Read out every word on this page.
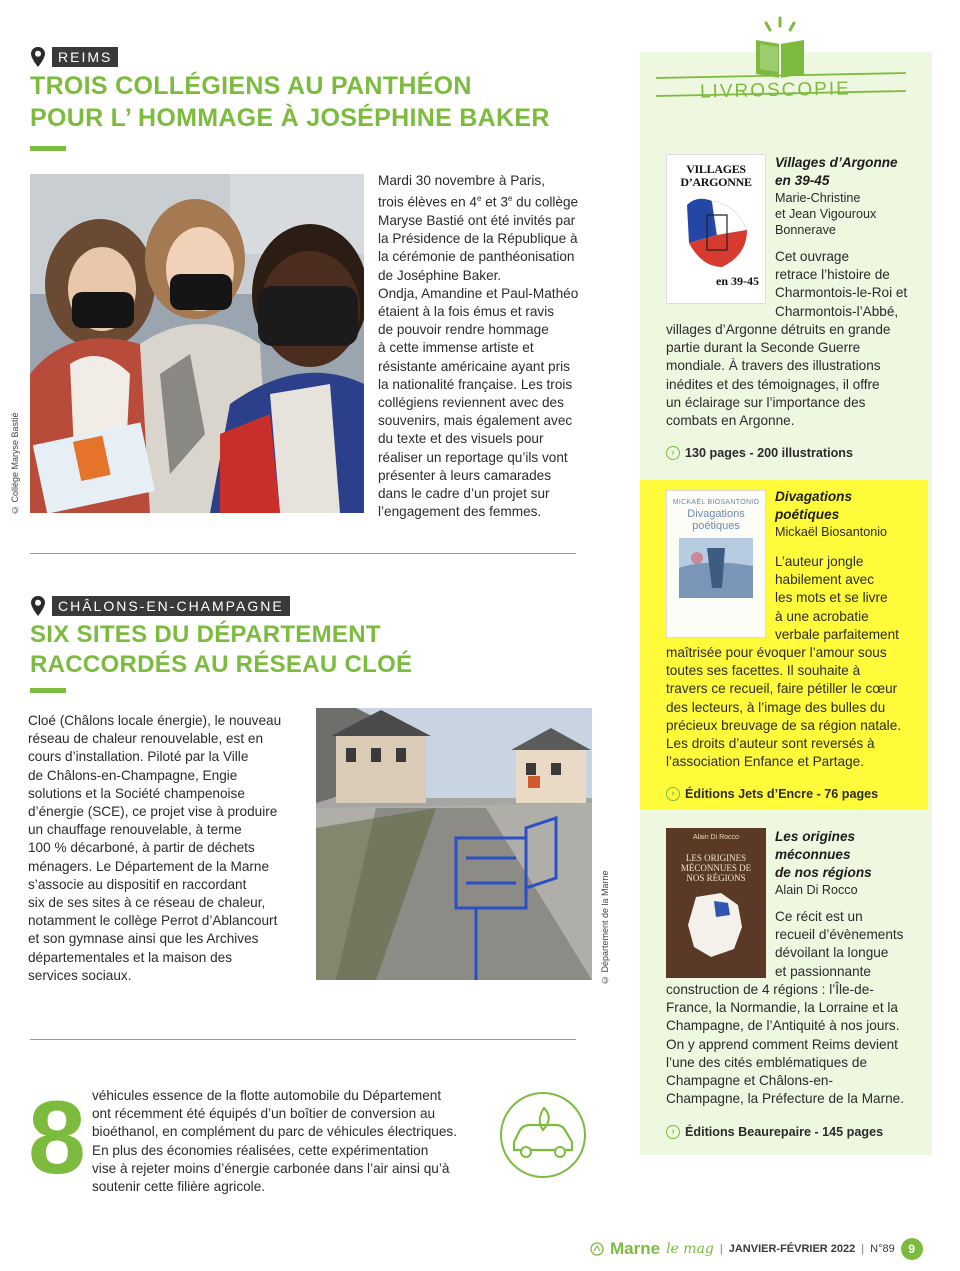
REIMS
TROIS COLLÉGIENS AU PANTHÉON
POUR L’ HOMMAGE À JOSÉPHINE BAKER
© Collège Maryse Bastié

Mardi 30 novembre à Paris,

trois élèves en 4e et 3e du collège

Maryse Bastié ont été invités par

la Présidence de la République à

la cérémonie de panthéonisation

de Joséphine Baker.

Ondja, Amandine et Paul-Mathéo

étaient à la fois émus et ravis

de pouvoir rendre hommage

à cette immense artiste et

résistante américaine ayant pris

la nationalité française. Les trois

collégiens reviennent avec des

souvenirs, mais également avec

du texte et des visuels pour

réaliser un reportage qu’ils vont

présenter à leurs camarades

dans le cadre d’un projet sur

l’engagement des femmes.

CHÂLONS-EN-CHAMPAGNE
SIX SITES DU DÉPARTEMENT
RACCORDÉS AU RÉSEAU CLOÉ

Cloé (Châlons locale énergie), le nouveau

réseau de chaleur renouvelable, est en

cours d’installation. Piloté par la Ville

de Châlons-en-Champagne, Engie

solutions et la Société champenoise

d’énergie (SCE), ce projet vise à produire

un chauffage renouvelable, à terme

100 % décarboné, à partir de déchets

ménagers. Le Département de la Marne

s’associe au dispositif en raccordant

six de ses sites à ce réseau de chaleur,

notamment le collège Perrot d’Ablancourt

et son gymnase ainsi que les Archives

départementales et la maison des

services sociaux.	© Département de la Marne
8 véhicules essence de la flotte automobile du Département

ont récemment été équipés d’un boîtier de conversion au

bioéthanol, en complément du parc de véhicules électriques.

En plus des économies réalisées, cette expérimentation

vise à rejeter moins d’énergie carbonée dans l’air ainsi qu’à

soutenir cette filière agricole.

LIVROSCOPIE
VILLAGES D’ARGONNE
en 39-45
Villages d’Argonne
en 39-45
Marie-Christine
et Jean Vigouroux
Bonnerave

Cet ouvrage

retrace l’histoire de

Charmontois-le-Roi et

Charmontois-l’Abbé,

villages d’Argonne détruits en grande

partie durant la Seconde Guerre

mondiale. À travers des illustrations

inédites et des témoignages, il offre

un éclairage sur l’importance des

combats en Argonne.

› 130 pages - 200 illustrations
MICKAËL BIOSANTONIO
Divagations poétiques
Divagations
poétiques
Mickaël Biosantonio

L’auteur jongle

habilement avec

les mots et se livre

à une acrobatie

verbale parfaitement

maîtrisée pour évoquer l’amour sous

toutes ses facettes. Il souhaite à

travers ce recueil, faire pétiller le cœur

des lecteurs, à l’image des bulles du

précieux breuvage de sa région natale.

Les droits d’auteur sont reversés à

l’association Enfance et Partage.

› Éditions Jets d’Encre - 76 pages
Alain Di Rocco
LES ORIGINES MÉCONNUES DE NOS RÉGIONS
Les origines
méconnues
de nos régions
Alain Di Rocco

Ce récit est un

recueil d’évènements

dévoilant la longue

et passionnante

construction de 4 régions : l’Île-de-

France, la Normandie, la Lorraine et la

Champagne, de l’Antiquité à nos jours.

On y apprend comment Reims devient

l’une des cités emblématiques de

Champagne et Châlons-en-

Champagne, la Préfecture de la Marne.

› Éditions Beaurepaire - 145 pages
Marne le mag | JANVIER-FÉVRIER 2022 | N°89	9
